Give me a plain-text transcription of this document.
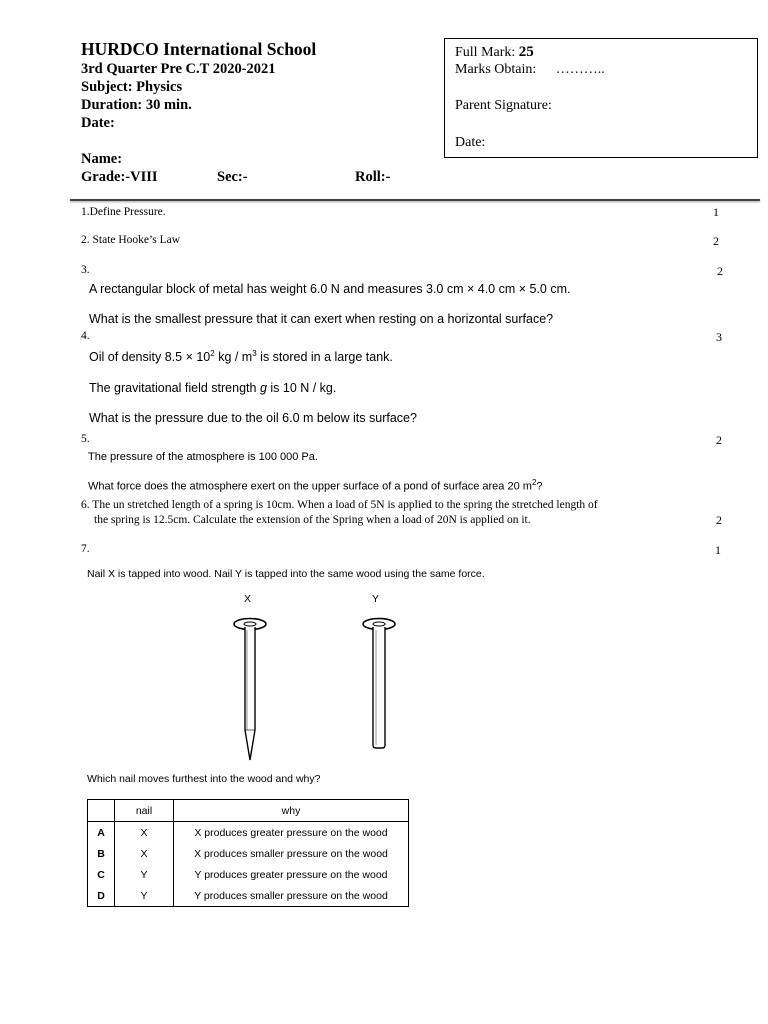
HURDCO International School
3rd Quarter Pre C.T 2020-2021
Subject: Physics
Duration: 30 min.
Date:
Name:
Grade:-VIII	Sec:-	Roll:-
Full Mark: 25
Marks Obtain: ………..
Parent Signature:
Date:
1.Define Pressure.	1
2. State Hooke’s Law	2
3.	2
A rectangular block of metal has weight 6.0 N and measures 3.0 cm × 4.0 cm × 5.0 cm.
What is the smallest pressure that it can exert when resting on a horizontal surface?
4.	3
Oil of density $8.5 \times 10^2$ kg / $m^3$ is stored in a large tank.
The gravitational field strength g is 10 N / kg.
What is the pressure due to the oil 6.0 m below its surface?
5.	2
The pressure of the atmosphere is 100 000 Pa.
What force does the atmosphere exert on the upper surface of a pond of surface area 20 $m^2$?
6. The un stretched length of a spring is 10cm. When a load of 5N is applied to the spring the stretched length of
the spring is 12.5cm. Calculate the extension of the Spring when a load of 20N is applied on it.	2
7.	1
Nail X is tapped into wood. Nail Y is tapped into the same wood using the same force.
X	Y
Which nail moves furthest into the wood and why?
	nail	why
A	X	X produces greater pressure on the wood
B	X	X produces smaller pressure on the wood
C	Y	Y produces greater pressure on the wood
D	Y	Y produces smaller pressure on the wood
